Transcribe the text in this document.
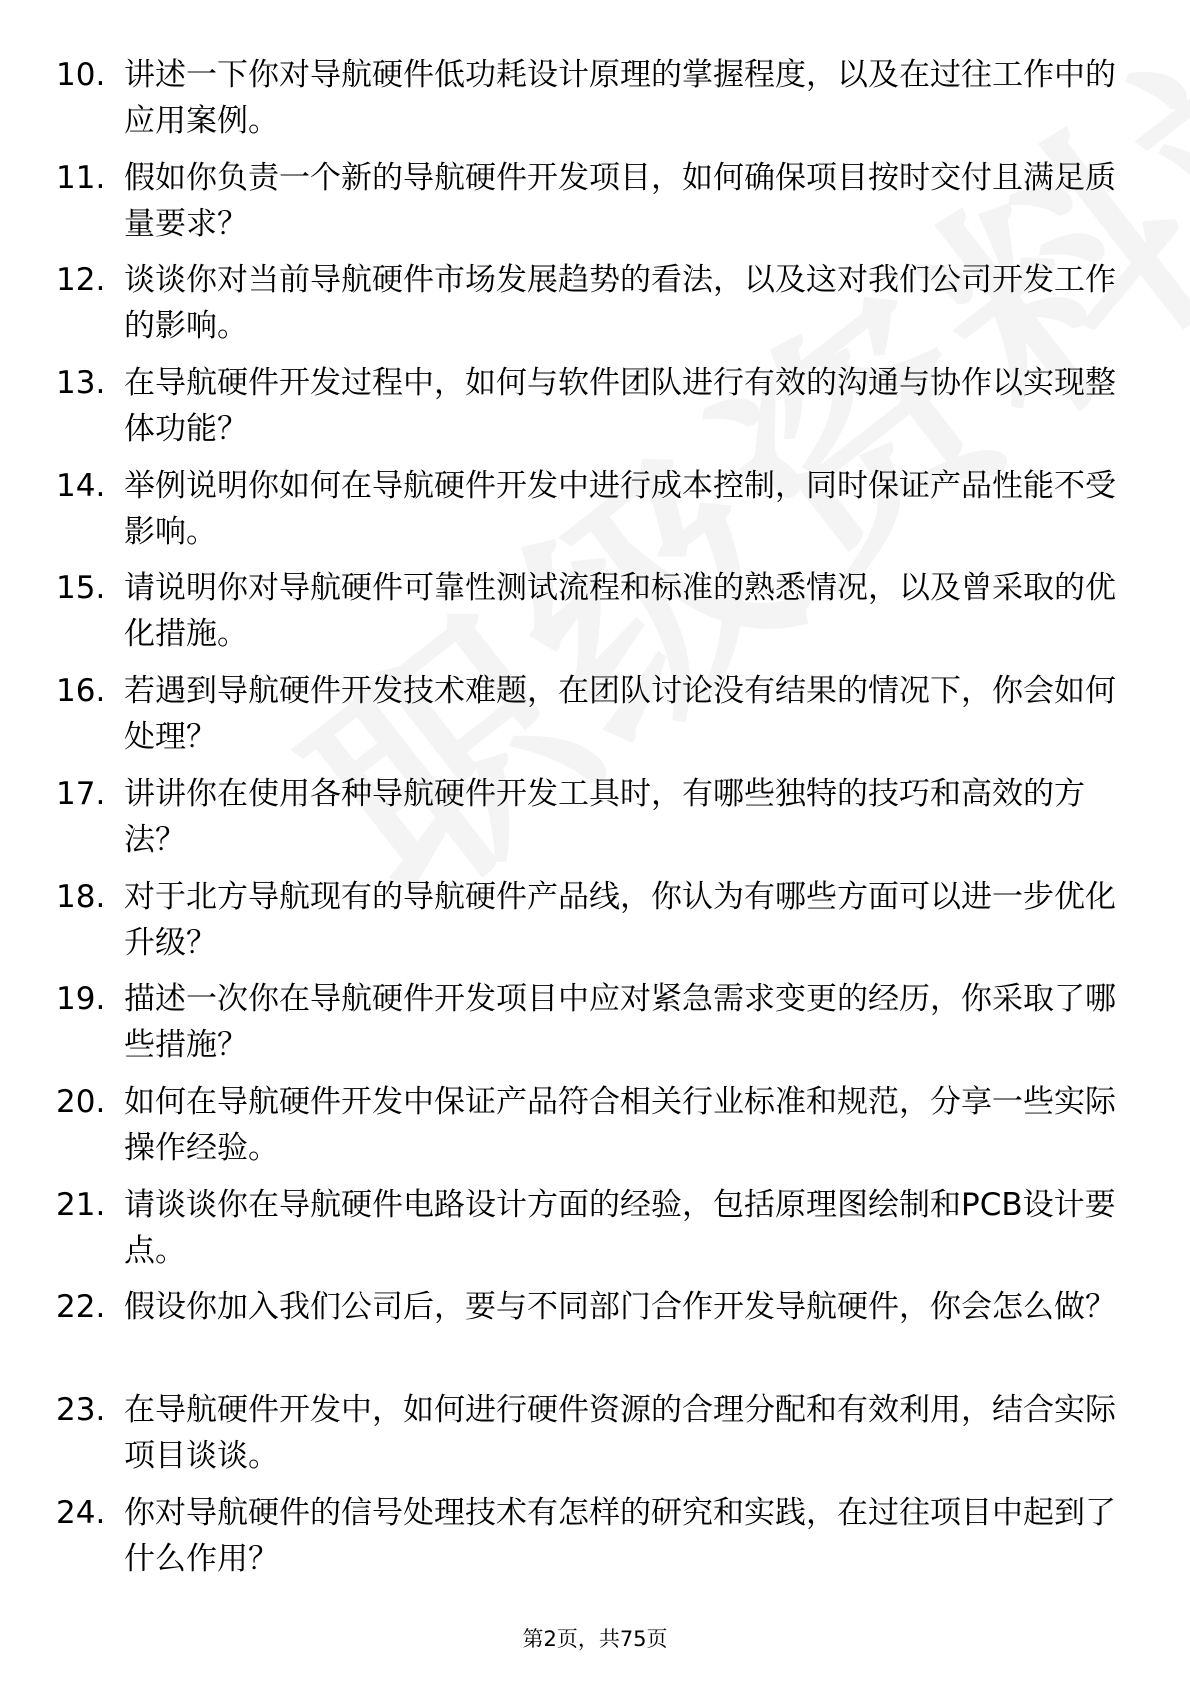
10. 讲述一下你对导航硬件低功耗设计原理的掌握程度，以及在过往工作中的应用案例。
11. 假如你负责一个新的导航硬件开发项目，如何确保项目按时交付且满足质量要求？
12. 谈谈你对当前导航硬件市场发展趋势的看法，以及这对我们公司开发工作的影响。
13. 在导航硬件开发过程中，如何与软件团队进行有效的沟通与协作以实现整体功能？
14. 举例说明你如何在导航硬件开发中进行成本控制，同时保证产品性能不受影响。
15. 请说明你对导航硬件可靠性测试流程和标准的熟悉情况，以及曾采取的优化措施。
16. 若遇到导航硬件开发技术难题，在团队讨论没有结果的情况下，你会如何处理？
17. 讲讲你在使用各种导航硬件开发工具时，有哪些独特的技巧和高效的方法？
18. 对于北方导航现有的导航硬件产品线，你认为有哪些方面可以进一步优化升级？
19. 描述一次你在导航硬件开发项目中应对紧急需求变更的经历，你采取了哪些措施？
20. 如何在导航硬件开发中保证产品符合相关行业标准和规范，分享一些实际操作经验。
21. 请谈谈你在导航硬件电路设计方面的经验，包括原理图绘制和PCB设计要点。
22. 假设你加入我们公司后，要与不同部门合作开发导航硬件，你会怎么做？
23. 在导航硬件开发中，如何进行硬件资源的合理分配和有效利用，结合实际项目谈谈。
24. 你对导航硬件的信号处理技术有怎样的研究和实践，在过往项目中起到了什么作用？
第2页，共75页
